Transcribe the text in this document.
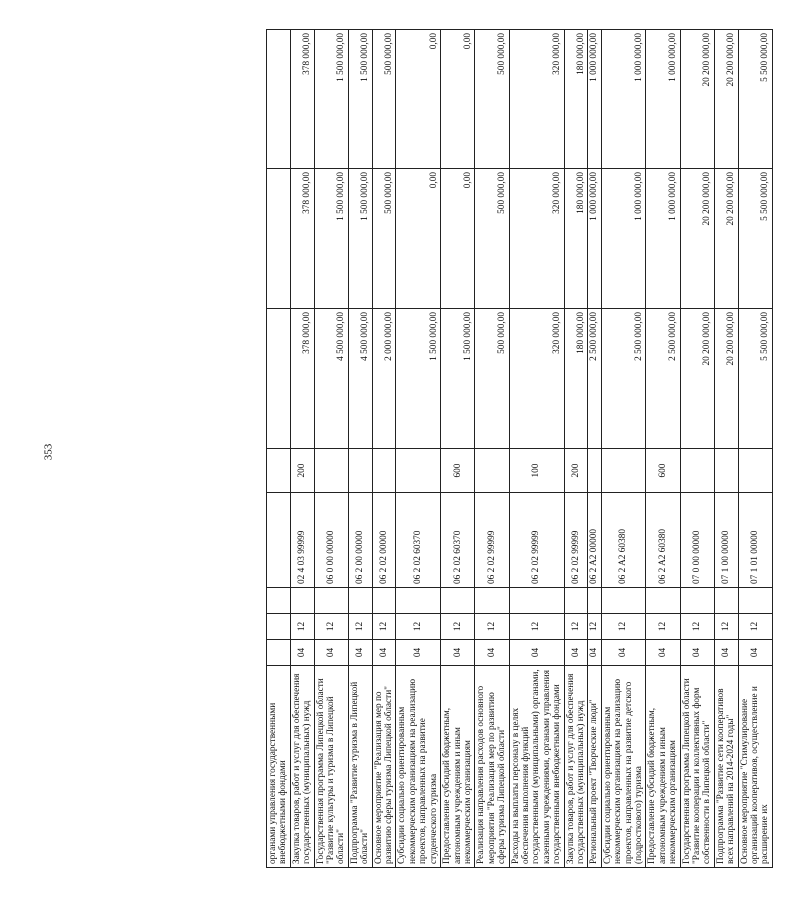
353
органами управления государственными внебюджетными фондами								
Закупка товаров, работ и услуг для обеспечения государственных (муниципальных) нужд	04	12		02 4 03 99999	200	378 000,00	378 000,00	378 000,00
Государственная программа Липецкой области "Развитие культуры и туризма в Липецкой области"	04	12		06 0 00 00000		4 500 000,00	1 500 000,00	1 500 000,00
Подпрограмма "Развитие туризма в Липецкой области"	04	12		06 2 00 00000		4 500 000,00	1 500 000,00	1 500 000,00
Основное мероприятие "Реализация мер по развитию сферы туризма Липецкой области"	04	12		06 2 02 00000		2 000 000,00	500 000,00	500 000,00
Субсидии социально ориентированным некоммерческим организациям на реализацию проектов, направленных на развитие студенческого туризма	04	12		06 2 02 60370		1 500 000,00	0,00	0,00
Предоставление субсидий бюджетным, автономным учреждениям и иным некоммерческим организациям	04	12		06 2 02 60370	600	1 500 000,00	0,00	0,00
Реализация направления расходов основного мероприятия "Реализация мер по развитию сферы туризма Липецкой области"	04	12		06 2 02 99999		500 000,00	500 000,00	500 000,00
Расходы на выплаты персоналу в целях обеспечения выполнения функций государственными (муниципальными) органами, казенными учреждениями, органами управления государственными внебюджетными фондами	04	12		06 2 02 99999	100	320 000,00	320 000,00	320 000,00
Закупка товаров, работ и услуг для обеспечения государственных (муниципальных) нужд	04	12		06 2 02 99999	200	180 000,00	180 000,00	180 000,00
Региональный проект "Творческие люди"	04	12		06 2 A2 00000		2 500 000,00	1 000 000,00	1 000 000,00
Субсидии социально ориентированным некоммерческим организациям на реализацию проектов, направленных на развитие детского (подросткового) туризма	04	12		06 2 A2 60380		2 500 000,00	1 000 000,00	1 000 000,00
Предоставление субсидий бюджетным, автономным учреждениям и иным некоммерческим организациям	04	12		06 2 A2 60380	600	2 500 000,00	1 000 000,00	1 000 000,00
Государственная программа Липецкой области "Развитие кооперации и коллективных форм собственности в Липецкой области"	04	12		07 0 00 00000		20 200 000,00	20 200 000,00	20 200 000,00
Подпрограмма "Развитие сети кооперативов всех направлений на 2014-2024 годы"	04	12		07 1 00 00000		20 200 000,00	20 200 000,00	20 200 000,00
Основное мероприятие "Стимулирование организаций кооперативов, осуществление и расширение их	04	12		07 1 01 00000		5 500 000,00	5 500 000,00	5 500 000,00
